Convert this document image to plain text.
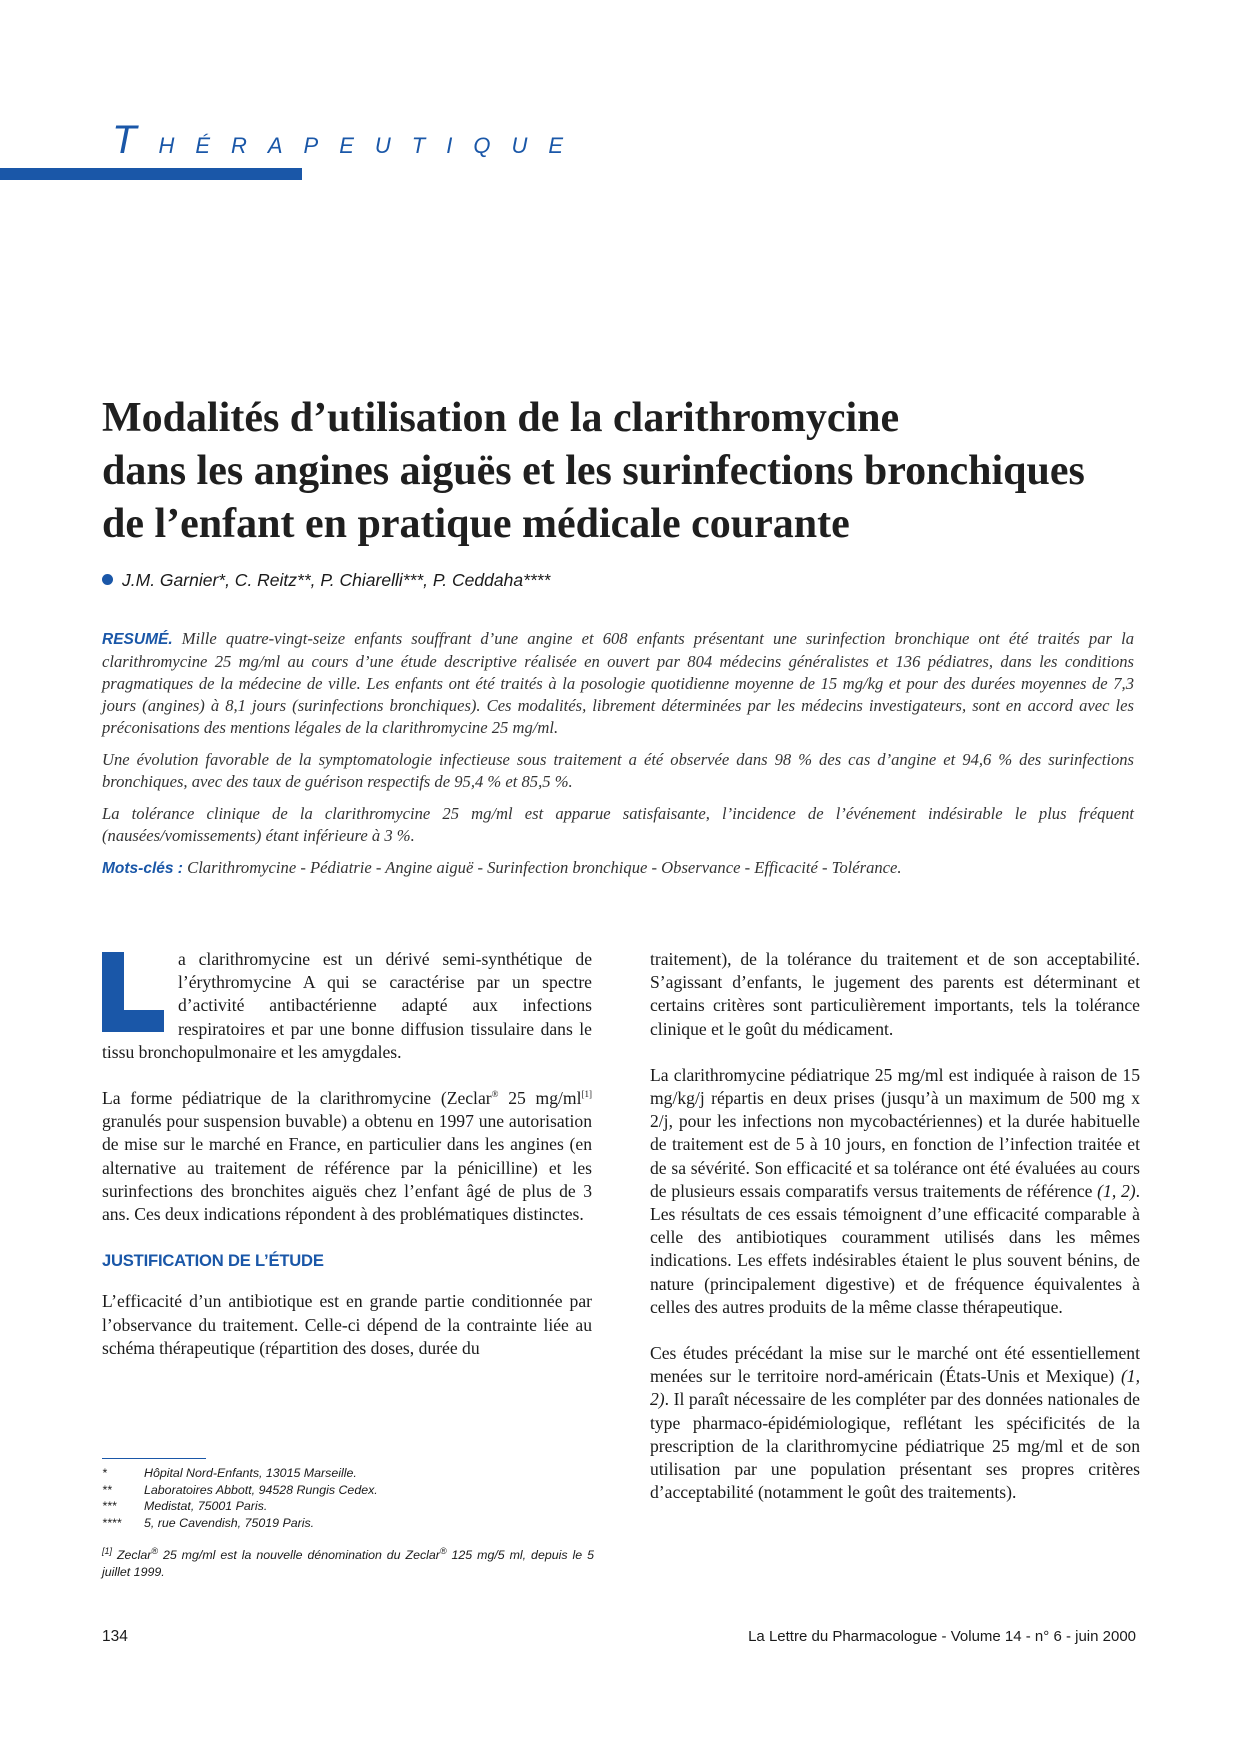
T HÉRAPEUTIQUE
Modalités d’utilisation de la clarithromycine
dans les angines aiguës et les surinfections bronchiques
de l’enfant en pratique médicale courante
J.M. Garnier*, C. Reitz**, P. Chiarelli***, P. Ceddaha****

RESUMÉ. Mille quatre-vingt-seize enfants souffrant d’une angine et 608 enfants présentant une surinfection bronchique ont été traités par la clarithromycine 25 mg/ml au cours d’une étude descriptive réalisée en ouvert par 804 médecins généralistes et 136 pédiatres, dans les conditions pragmatiques de la médecine de ville. Les enfants ont été traités à la posologie quotidienne moyenne de 15 mg/kg et pour des durées moyennes de 7,3 jours (angines) à 8,1 jours (surinfections bronchiques). Ces modalités, librement déterminées par les médecins investigateurs, sont en accord avec les préconisations des mentions légales de la clarithromycine 25 mg/ml.

Une évolution favorable de la symptomatologie infectieuse sous traitement a été observée dans 98 % des cas d’angine et 94,6 % des surinfections bronchiques, avec des taux de guérison respectifs de 95,4 % et 85,5 %.

La tolérance clinique de la clarithromycine 25 mg/ml est apparue satisfaisante, l’incidence de l’événement indésirable le plus fréquent (nausées/vomissements) étant inférieure à 3 %.

Mots-clés : Clarithromycine - Pédiatrie - Angine aiguë - Surinfection bronchique - Observance - Efficacité - Tolérance.

a clarithromycine est un dérivé semi-synthétique de l’érythromycine A qui se caractérise par un spectre d’activité antibactérienne adapté aux infections respiratoires et par une bonne diffusion tissulaire dans le tissu bronchopulmonaire et les amygdales.

La forme pédiatrique de la clarithromycine (Zeclar® 25 mg/ml[1] granulés pour suspension buvable) a obtenu en 1997 une autorisation de mise sur le marché en France, en particulier dans les angines (en alternative au traitement de référence par la pénicilline) et les surinfections des bronchites aiguës chez l’enfant âgé de plus de 3 ans. Ces deux indications répondent à des problématiques distinctes.

JUSTIFICATION DE L’ÉTUDE

L’efficacité d’un antibiotique est en grande partie conditionnée par l’observance du traitement. Celle-ci dépend de la contrainte liée au schéma thérapeutique (répartition des doses, durée du

traitement), de la tolérance du traitement et de son acceptabilité. S’agissant d’enfants, le jugement des parents est déterminant et certains critères sont particulièrement importants, tels la tolérance clinique et le goût du médicament.

La clarithromycine pédiatrique 25 mg/ml est indiquée à raison de 15 mg/kg/j répartis en deux prises (jusqu’à un maximum de 500 mg x 2/j, pour les infections non mycobactériennes) et la durée habituelle de traitement est de 5 à 10 jours, en fonction de l’infection traitée et de sa sévérité. Son efficacité et sa tolérance ont été évaluées au cours de plusieurs essais comparatifs versus traitements de référence (1, 2). Les résultats de ces essais témoignent d’une efficacité comparable à celle des antibiotiques couramment utilisés dans les mêmes indications. Les effets indésirables étaient le plus souvent bénins, de nature (principalement digestive) et de fréquence équivalentes à celles des autres produits de la même classe thérapeutique.

Ces études précédant la mise sur le marché ont été essentiellement menées sur le territoire nord-américain (États-Unis et Mexique) (1, 2). Il paraît nécessaire de les compléter par des données nationales de type pharmaco-épidémiologique, reflétant les spécificités de la prescription de la clarithromycine pédiatrique 25 mg/ml et de son utilisation par une population présentant ses propres critères d’acceptabilité (notamment le goût des traitements).

*	Hôpital Nord-Enfants, 13015 Marseille.
**	Laboratoires Abbott, 94528 Rungis Cedex.
***	Medistat, 75001 Paris.
****	5, rue Cavendish, 75019 Paris.
[1] Zeclar® 25 mg/ml est la nouvelle dénomination du Zeclar® 125 mg/5 ml, depuis le 5 juillet 1999.
134	La Lettre du Pharmacologue - Volume 14 - n° 6 - juin 2000
